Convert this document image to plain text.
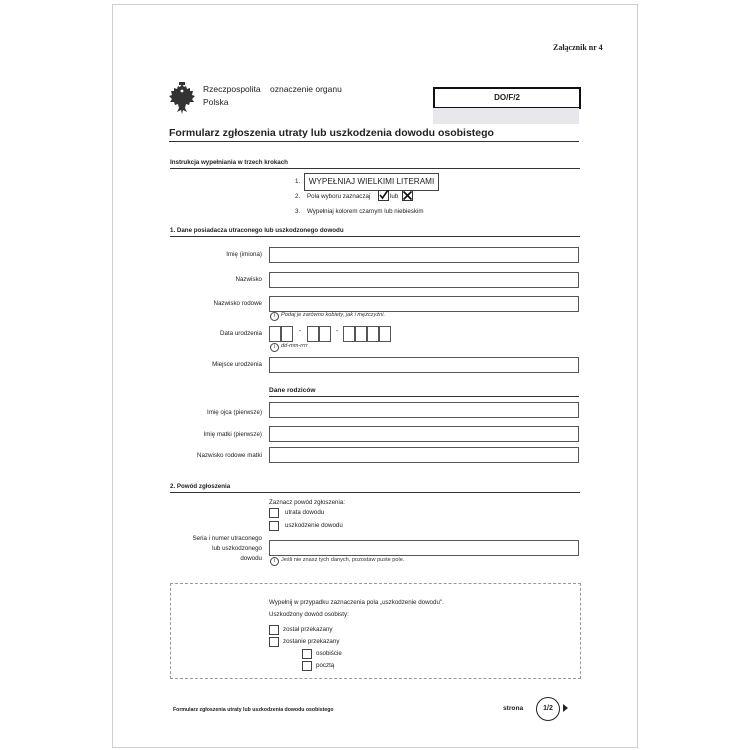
Załącznik nr 4
Rzeczpospolita
Polska
oznaczenie organu
DO/F/2
Formularz zgłoszenia utraty lub uszkodzenia dowodu osobistego
Instrukcja wypełniania w trzech krokach
1.	WYPEŁNIAJ WIELKIMI LITERAMI
2. Pola wyboru zaznaczaj	lub
3. Wypełniaj kolorem czarnym lub niebieskim
1. Dane posiadacza utraconego lub uszkodzonego dowodu
Imię (imiona)
Nazwisko
Nazwisko rodowe
i	Podaj je zarówno kobiety, jak i mężczyźni.
Data urodzenia	-	-
i	dd-mm-rrrr
Miejsce urodzenia
Dane rodziców
Imię ojca (pierwsze)
Imię matki (pierwsze)
Nazwisko rodowe matki
2. Powód zgłoszenia
Zaznacz powód zgłoszenia:
utrata dowodu
uszkodzenie dowodu
Seria i numer utraconego
lub uszkodzonego
dowodu	i	Jeśli nie znasz tych danych, pozostaw puste pole.
Wypełnij w przypadku zaznaczenia pola „uszkodzenie dowodu".
Uszkodzony dowód osobisty:
został przekazany
zostanie przekazany
osobiście
pocztą
Formularz zgłoszenia utraty lub uszkodzenia dowodu osobistego	strona	1/2
